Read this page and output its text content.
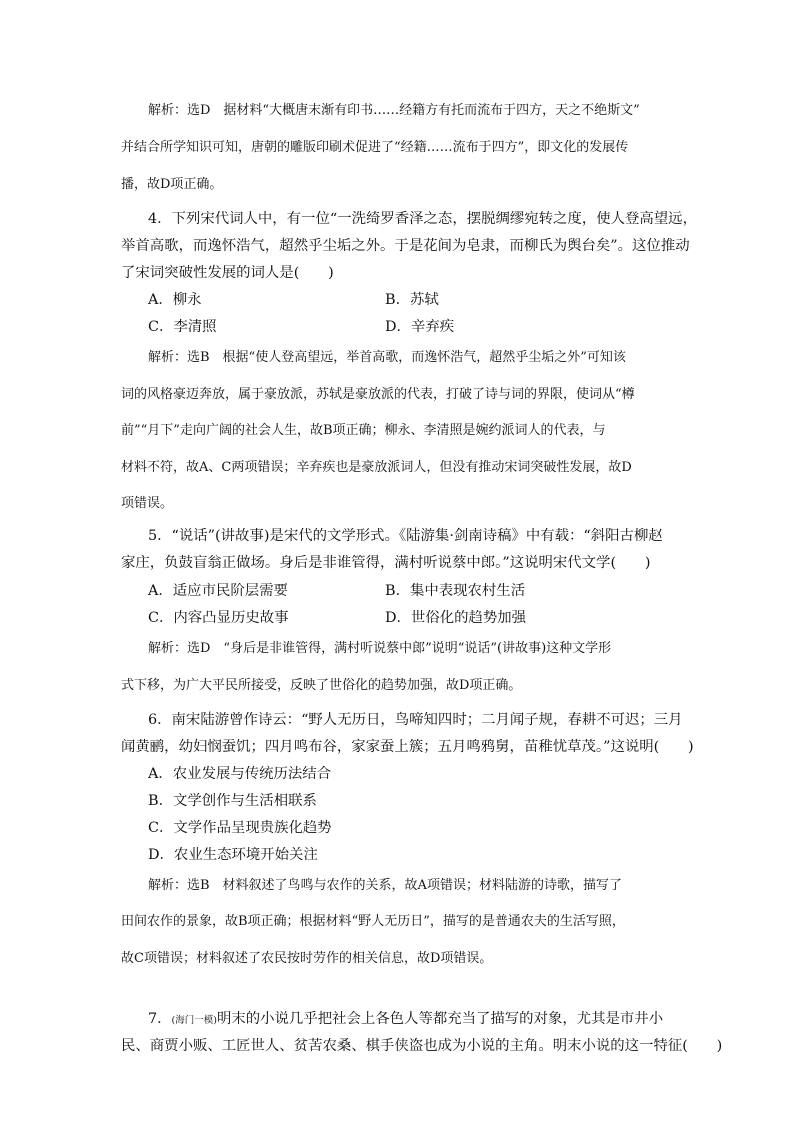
解析：选D　据材料“大概唐末渐有印书……经籍方有托而流布于四方，天之不绝斯文”
并结合所学知识可知，唐朝的雕版印刷术促进了“经籍……流布于四方”，即文化的发展传
播，故D项正确。
4．下列宋代词人中，有一位“一洗绮罗香泽之态，摆脱绸缪宛转之度，使人登高望远，
举首高歌，而逸怀浩气，超然乎尘垢之外。于是花间为皂隶，而柳氏为舆台矣”。这位推动
了宋词突破性发展的词人是(　　)
A．柳永	B．苏轼
C．李清照	D．辛弃疾
解析：选B　根据“使人登高望远，举首高歌，而逸怀浩气，超然乎尘垢之外”可知该
词的风格豪迈奔放，属于豪放派，苏轼是豪放派的代表，打破了诗与词的界限，使词从“樽
前”“月下”走向广阔的社会人生，故B项正确；柳永、李清照是婉约派词人的代表，与
材料不符，故A、C两项错误；辛弃疾也是豪放派词人，但没有推动宋词突破性发展，故D
项错误。
5．“说话”(讲故事)是宋代的文学形式。《陆游集·剑南诗稿》中有载：“斜阳古柳赵
家庄，负鼓盲翁正做场。身后是非谁管得，满村听说蔡中郎。”这说明宋代文学(　　)
A．适应市民阶层需要	B．集中表现农村生活
C．内容凸显历史故事	D．世俗化的趋势加强
解析：选D　“身后是非谁管得，满村听说蔡中郎”说明“说话”(讲故事)这种文学形
式下移，为广大平民所接受，反映了世俗化的趋势加强，故D项正确。
6．南宋陆游曾作诗云：“野人无历日，鸟啼知四时；二月闻子规，春耕不可迟；三月
闻黄鹂，幼妇悯蚕饥；四月鸣布谷，家家蚕上簇；五月鸣鸦舅，苗稚忧草茂。”这说明(　　)
A．农业发展与传统历法结合
B．文学创作与生活相联系
C．文学作品呈现贵族化趋势
D．农业生态环境开始关注
解析：选B　材料叙述了鸟鸣与农作的关系，故A项错误；材料陆游的诗歌，描写了
田间农作的景象，故B项正确；根据材料“野人无历日”，描写的是普通农夫的生活写照，
故C项错误；材料叙述了农民按时劳作的相关信息，故D项错误。
7．(海门一模)明末的小说几乎把社会上各色人等都充当了描写的对象，尤其是市井小
民、商贾小贩、工匠世人、贫苦农桑、棋手侠盗也成为小说的主角。明末小说的这一特征(　　)
